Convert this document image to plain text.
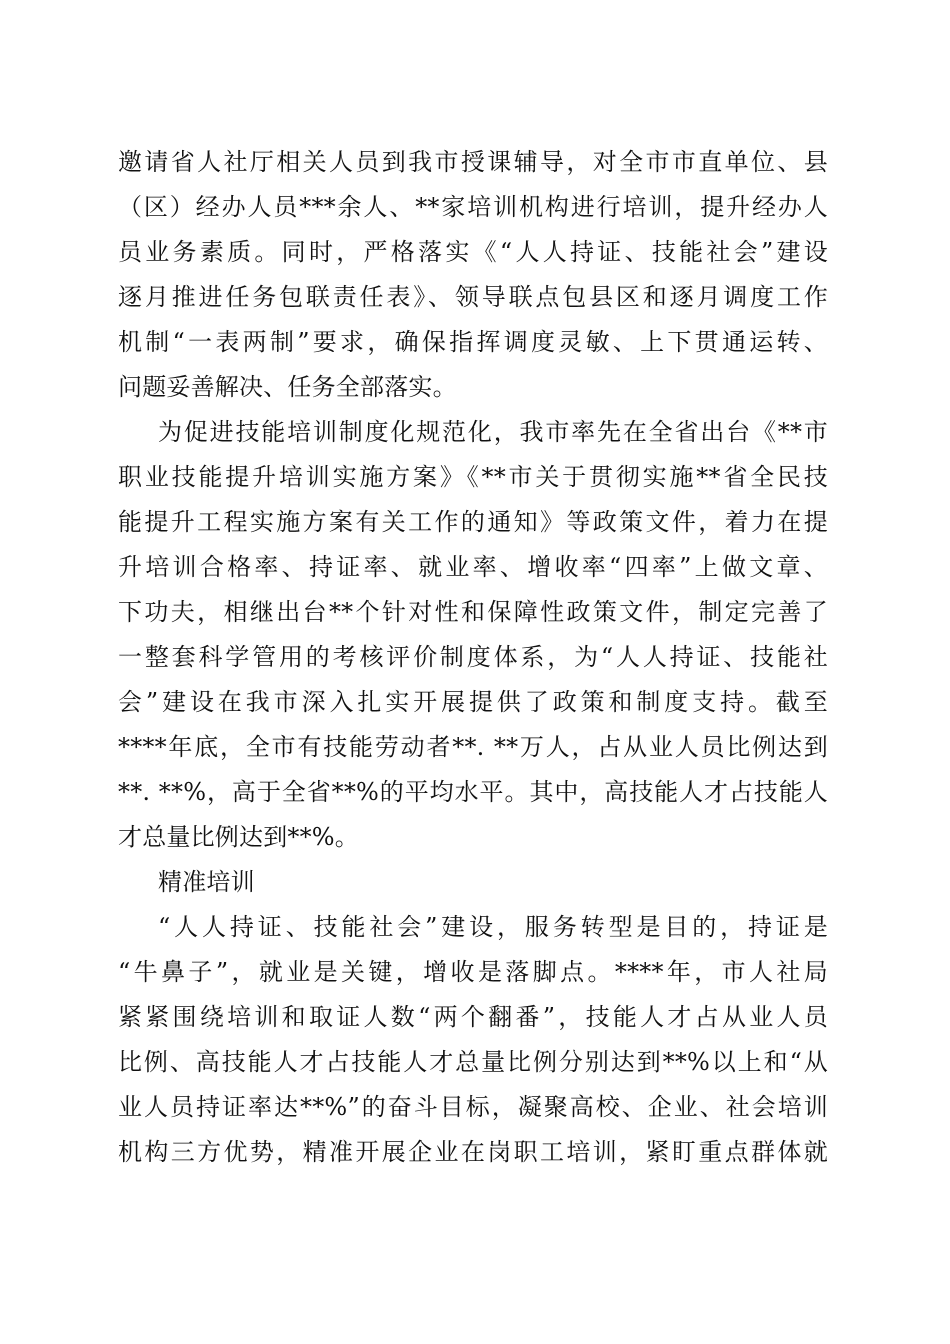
邀请省人社厅相关人员到我市授课辅导，对全市市直单位、县
（区）经办人员***余人、**家培训机构进行培训，提升经办人
员业务素质。同时，严格落实《“人人持证、技能社会”建设
逐月推进任务包联责任表》、领导联点包县区和逐月调度工作
机制“一表两制”要求，确保指挥调度灵敏、上下贯通运转、
问题妥善解决、任务全部落实。
为促进技能培训制度化规范化，我市率先在全省出台《**市
职业技能提升培训实施方案》《**市关于贯彻实施**省全民技
能提升工程实施方案有关工作的通知》等政策文件，着力在提
升培训合格率、持证率、就业率、增收率“四率”上做文章、
下功夫，相继出台**个针对性和保障性政策文件，制定完善了
一整套科学管用的考核评价制度体系，为“人人持证、技能社
会”建设在我市深入扎实开展提供了政策和制度支持。截至
****年底，全市有技能劳动者**. **万人，占从业人员比例达到
**. **%，高于全省**%的平均水平。其中，高技能人才占技能人
才总量比例达到**%。
精准培训
“人人持证、技能社会”建设，服务转型是目的，持证是
“牛鼻子”，就业是关键，增收是落脚点。****年，市人社局
紧紧围绕培训和取证人数“两个翻番”，技能人才占从业人员
比例、高技能人才占技能人才总量比例分别达到**%以上和“从
业人员持证率达**%”的奋斗目标，凝聚高校、企业、社会培训
机构三方优势，精准开展企业在岗职工培训，紧盯重点群体就
